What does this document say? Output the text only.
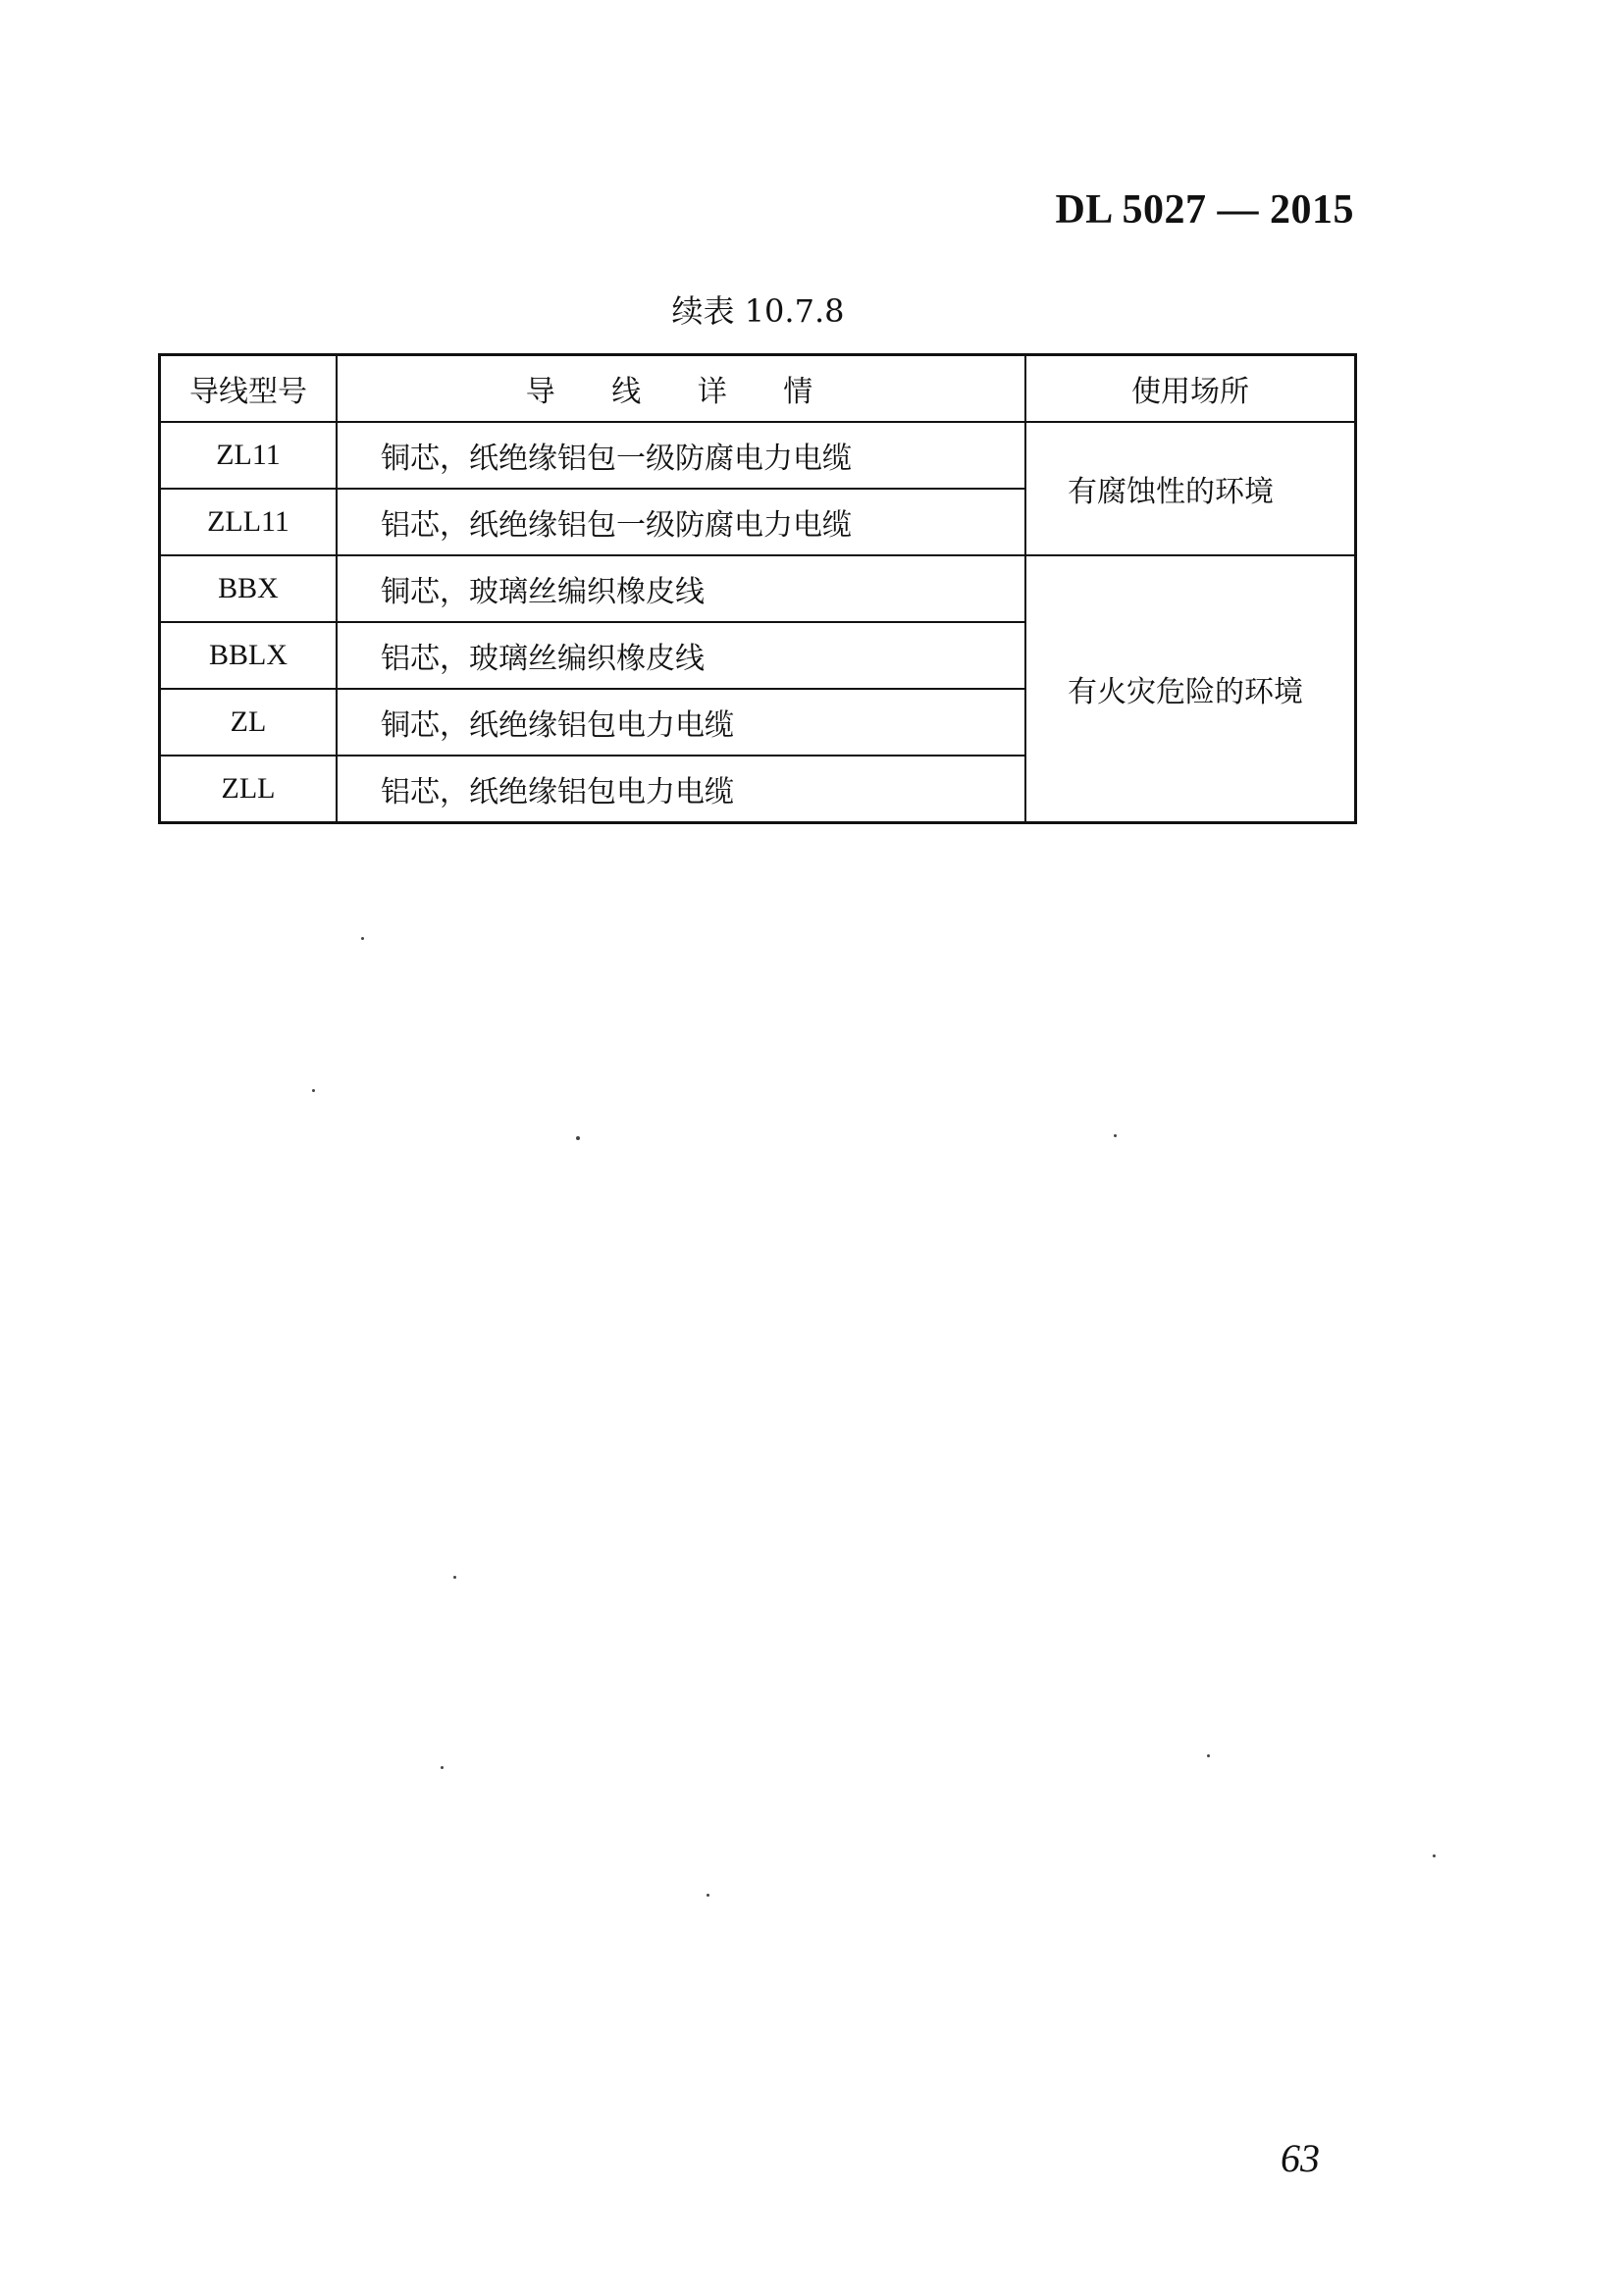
DL 5027 — 2015
续表 10.7.8
导线型号	导 线 详 情	使用场所
ZL11	铜芯，纸绝缘铝包一级防腐电力电缆	有腐蚀性的环境
ZLL11	铝芯，纸绝缘铝包一级防腐电力电缆	
BBX	铜芯，玻璃丝编织橡皮线	有火灾危险的环境
BBLX	铝芯，玻璃丝编织橡皮线	
ZL	铜芯，纸绝缘铝包电力电缆	
ZLL	铝芯，纸绝缘铝包电力电缆	
63
